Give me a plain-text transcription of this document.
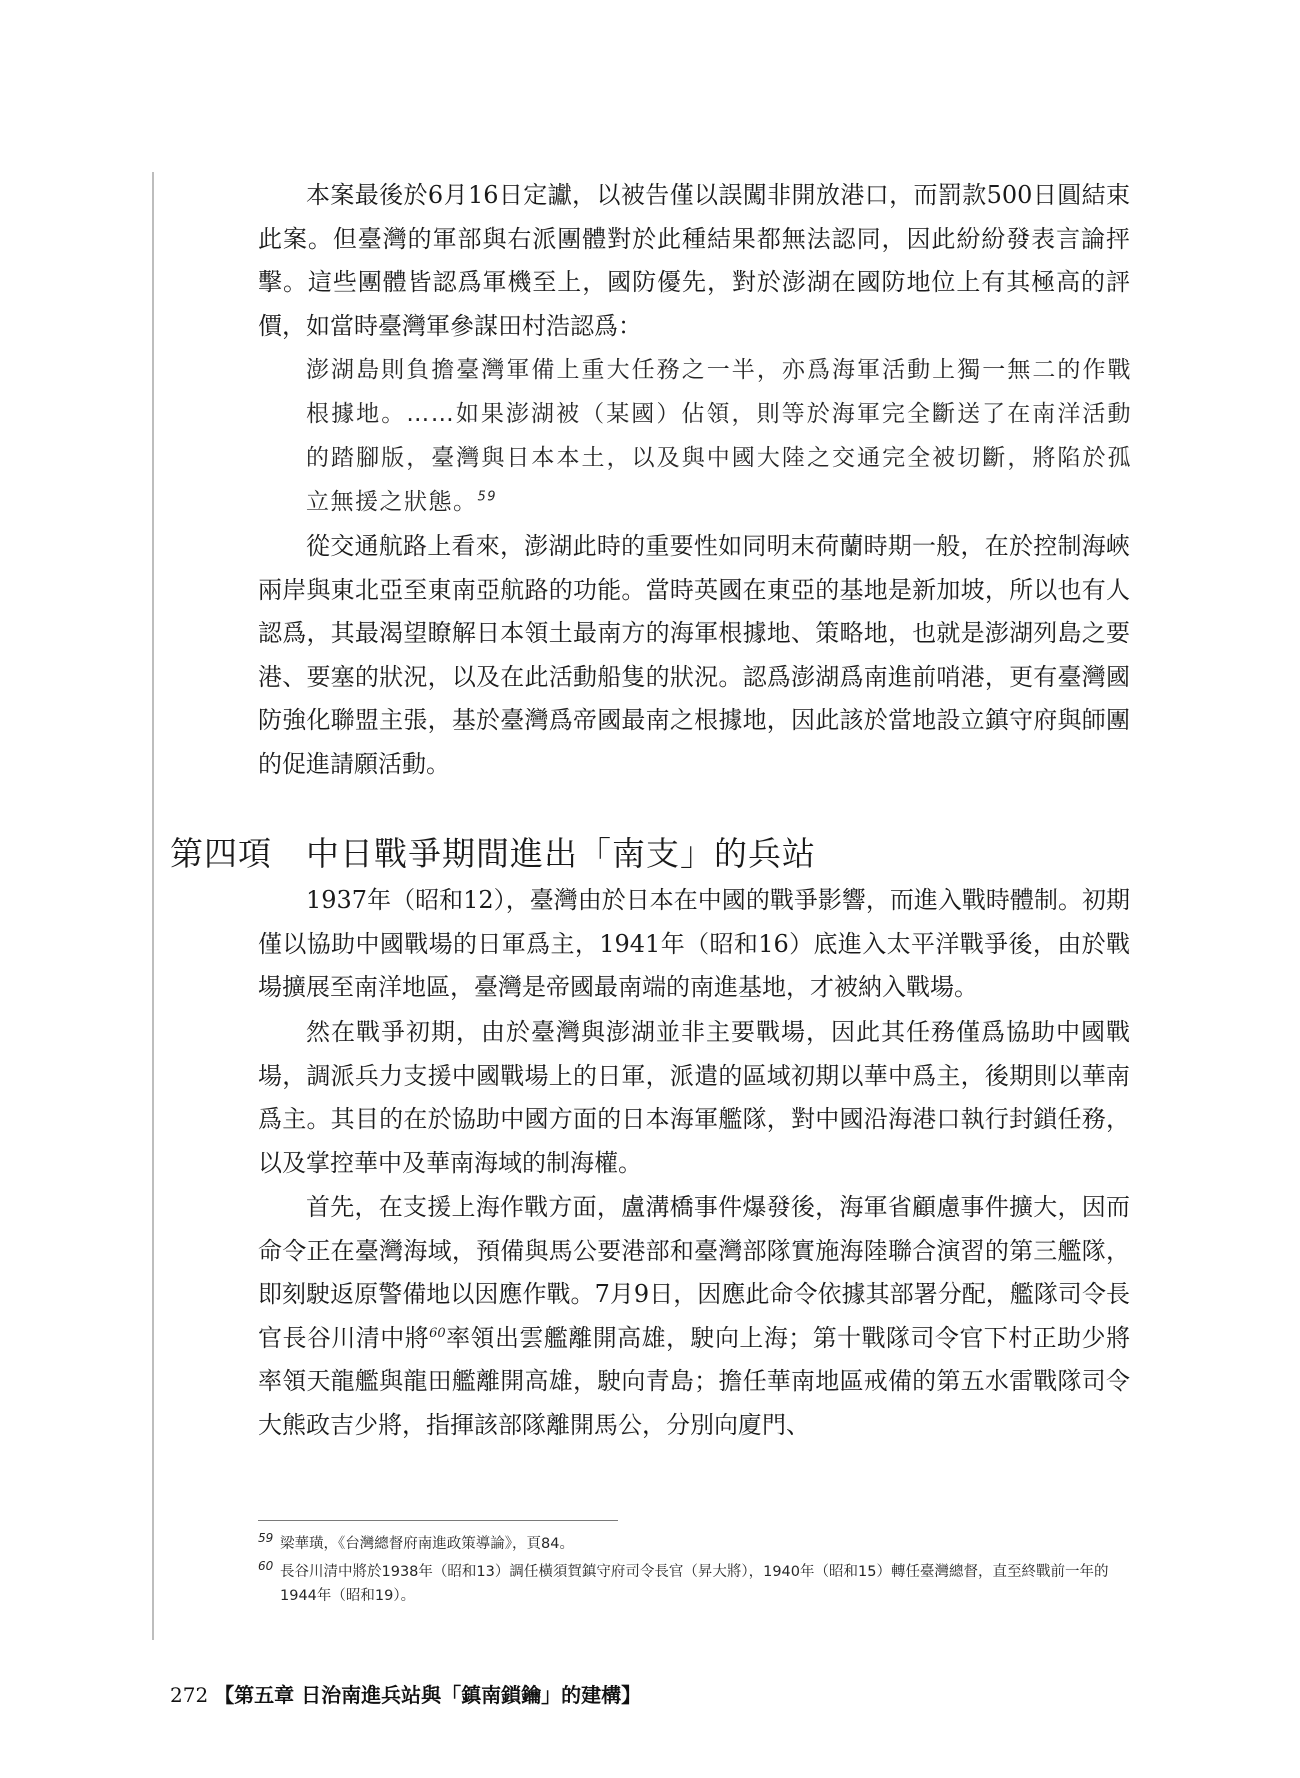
本案最後於6月16日定讞，以被告僅以誤闖非開放港口，而罰款500日圓結束此案。但臺灣的軍部與右派團體對於此種結果都無法認同，因此紛紛發表言論抨擊。這些團體皆認爲軍機至上，國防優先，對於澎湖在國防地位上有其極高的評價，如當時臺灣軍參謀田村浩認爲：

澎湖島則負擔臺灣軍備上重大任務之一半，亦爲海軍活動上獨一無二的作戰根據地。……如果澎湖被（某國）佔領，則等於海軍完全斷送了在南洋活動的踏腳版，臺灣與日本本土，以及與中國大陸之交通完全被切斷，將陷於孤立無援之狀態。$^{59}$

從交通航路上看來，澎湖此時的重要性如同明末荷蘭時期一般，在於控制海峽兩岸與東北亞至東南亞航路的功能。當時英國在東亞的基地是新加坡，所以也有人認爲，其最渴望瞭解日本領土最南方的海軍根據地、策略地，也就是澎湖列島之要港、要塞的狀況，以及在此活動船隻的狀況。認爲澎湖爲南進前哨港，更有臺灣國防強化聯盟主張，基於臺灣爲帝國最南之根據地，因此該於當地設立鎮守府與師團的促進請願活動。

第四項 中日戰爭期間進出「南支」的兵站

1937年（昭和12），臺灣由於日本在中國的戰爭影響，而進入戰時體制。初期僅以協助中國戰場的日軍爲主，1941年（昭和16）底進入太平洋戰爭後，由於戰場擴展至南洋地區，臺灣是帝國最南端的南進基地，才被納入戰場。

然在戰爭初期，由於臺灣與澎湖並非主要戰場，因此其任務僅爲協助中國戰場，調派兵力支援中國戰場上的日軍，派遣的區域初期以華中爲主，後期則以華南爲主。其目的在於協助中國方面的日本海軍艦隊，對中國沿海港口執行封鎖任務，以及掌控華中及華南海域的制海權。

首先，在支援上海作戰方面，盧溝橋事件爆發後，海軍省顧慮事件擴大，因而命令正在臺灣海域，預備與馬公要港部和臺灣部隊實施海陸聯合演習的第三艦隊，即刻駛返原警備地以因應作戰。7月9日，因應此命令依據其部署分配，艦隊司令長官長谷川清中將$^{60}$率領出雲艦離開高雄，駛向上海；第十戰隊司令官下村正助少將率領天龍艦與龍田艦離開高雄，駛向青島；擔任華南地區戒備的第五水雷戰隊司令大熊政吉少將，指揮該部隊離開馬公，分別向廈門、

59 梁華璜，《台灣總督府南進政策導論》，頁84。

60 長谷川清中將於1938年（昭和13）調任橫須賀鎮守府司令長官（昇大將），1940年（昭和15）轉任臺灣總督，直至終戰前一年的1944年（昭和19）。

272 【第五章 日治南進兵站與「鎮南鎖鑰」的建構】
